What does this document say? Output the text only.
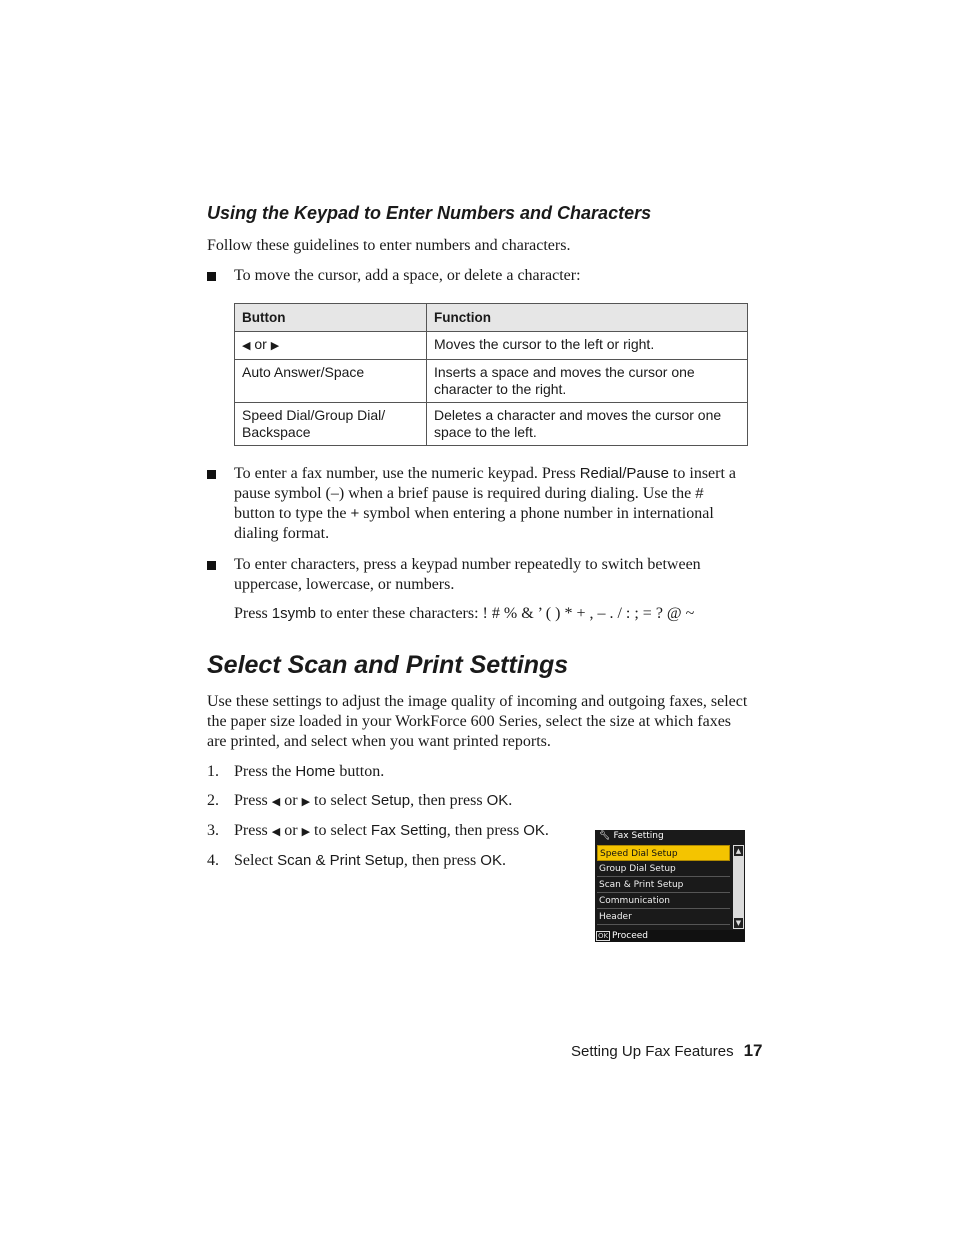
Using the Keypad to Enter Numbers and Characters

Follow these guidelines to enter numbers and characters.

To move the cursor, add a space, or delete a character:
Button	Function
◀ or ▶	Moves the cursor to the left or right.
Auto Answer/Space	Inserts a space and moves the cursor one character to the right.
Speed Dial/Group Dial/ Backspace	Deletes a character and moves the cursor one space to the left.
To enter a fax number, use the numeric keypad. Press Redial/Pause to insert a pause symbol (–) when a brief pause is required during dialing. Use the # button to type the + symbol when entering a phone number in international dialing format.
To enter characters, press a keypad number repeatedly to switch between uppercase, lowercase, or numbers.
Press 1symb to enter these characters: ! # % & ’ ( ) * + , – . / : ; = ? @ ~
Select Scan and Print Settings

Use these settings to adjust the image quality of incoming and outgoing faxes, select the paper size loaded in your WorkForce 600 Series, select the size at which faxes are printed, and select when you want printed reports.

1. Press the Home button.
2. Press ◀ or ▶ to select Setup, then press OK.
3. Press ◀ or ▶ to select Fax Setting, then press OK.
4. Select Scan & Print Setup, then press OK.
🔧︎ Fax Setting
Speed Dial Setup
Group Dial Setup
Scan & Print Setup
Communication
Header
▲
▼
OK Proceed
Setting Up Fax Features 17
